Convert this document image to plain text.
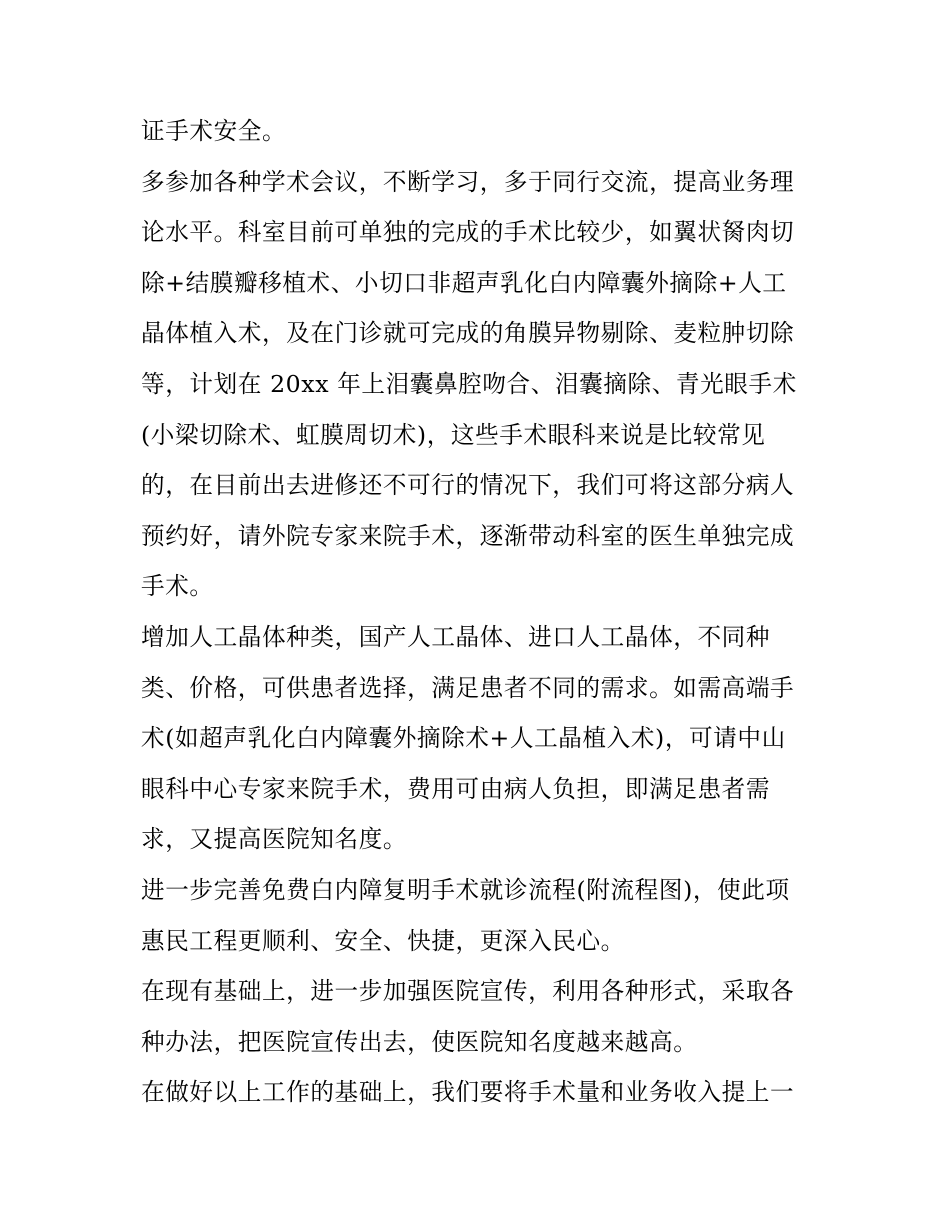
证手术安全。
多参加各种学术会议，不断学习，多于同行交流，提高业务理
论水平。科室目前可单独的完成的手术比较少，如翼状胬肉切
除+结膜瓣移植术、小切口非超声乳化白内障囊外摘除+人工
晶体植入术，及在门诊就可完成的角膜异物剔除、麦粒肿切除
等，计划在 20xx 年上泪囊鼻腔吻合、泪囊摘除、青光眼手术
(小梁切除术、虹膜周切术)，这些手术眼科来说是比较常见
的，在目前出去进修还不可行的情况下，我们可将这部分病人
预约好，请外院专家来院手术，逐渐带动科室的医生单独完成
手术。
增加人工晶体种类，国产人工晶体、进口人工晶体，不同种
类、价格，可供患者选择，满足患者不同的需求。如需高端手
术(如超声乳化白内障囊外摘除术+人工晶植入术)，可请中山
眼科中心专家来院手术，费用可由病人负担，即满足患者需
求，又提高医院知名度。
进一步完善免费白内障复明手术就诊流程(附流程图)，使此项
惠民工程更顺利、安全、快捷，更深入民心。
在现有基础上，进一步加强医院宣传，利用各种形式，采取各
种办法，把医院宣传出去，使医院知名度越来越高。
在做好以上工作的基础上，我们要将手术量和业务收入提上一
